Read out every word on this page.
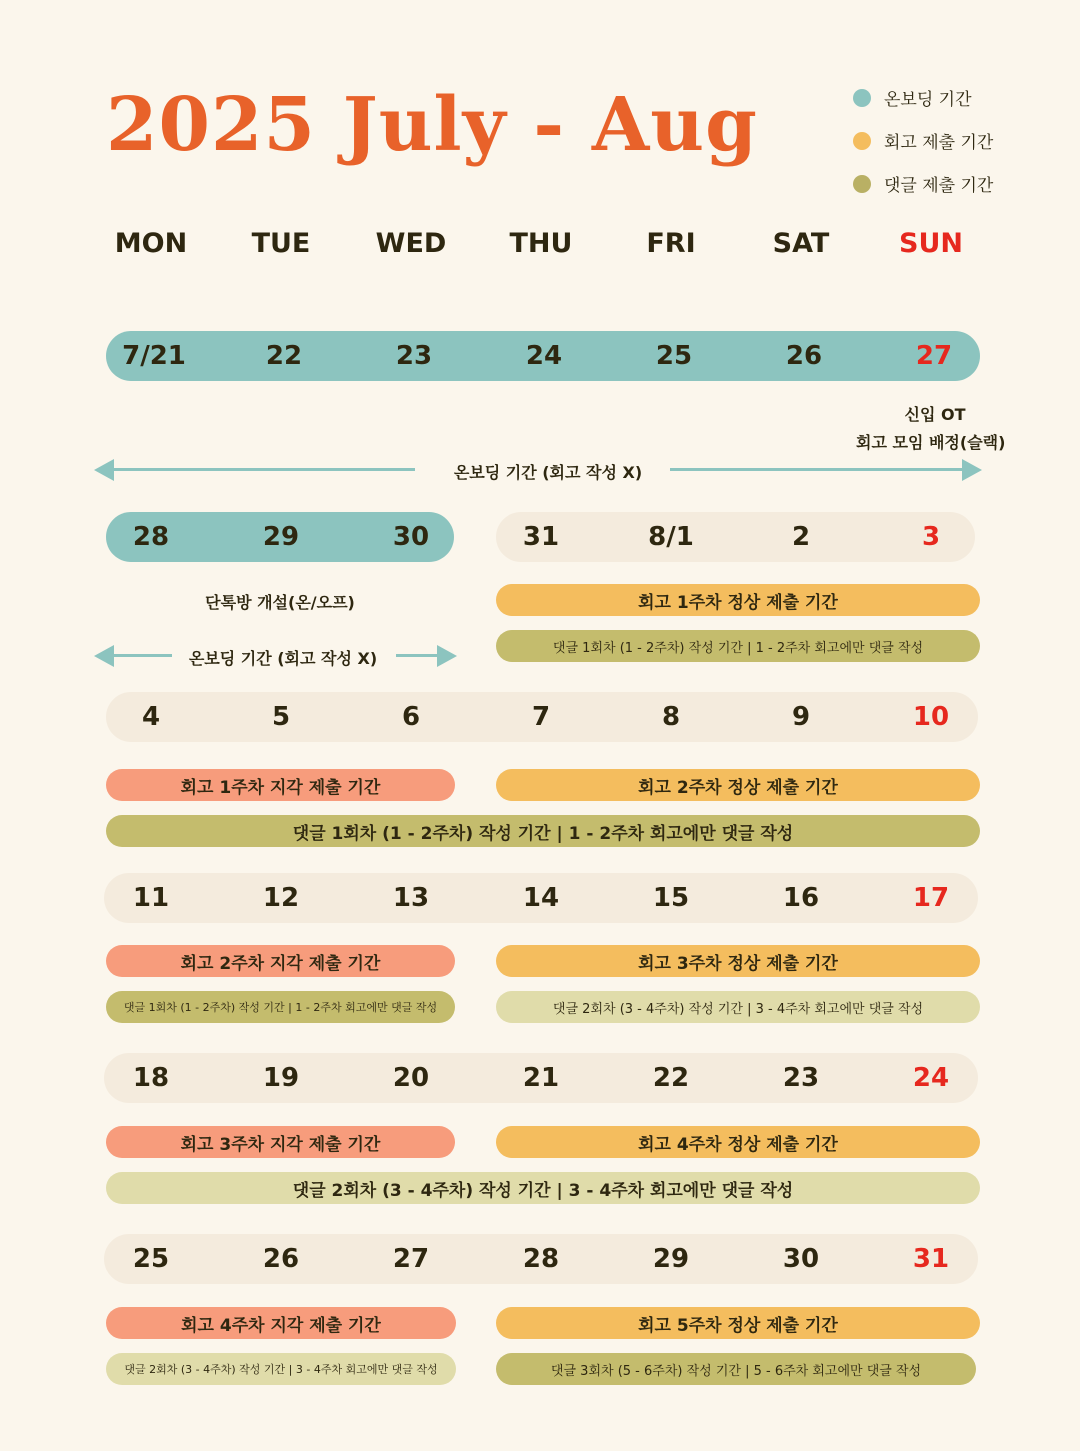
2025 July - Aug	온보딩 기간
회고 제출 기간
댓글 제출 기간
MON	TUE	WED	THU	FRI	SAT	SUN
7/21	22	23	24	25	26	27
신입 OT
회고 모임 배정(슬랙)
온보딩 기간 (회고 작성 X)
28	29	30	31	8/1	2	3
단톡방 개설(온/오프)	회고 1주차 정상 제출 기간
온보딩 기간 (회고 작성 X)
댓글 1회차 (1 - 2주차) 작성 기간 | 1 - 2주차 회고에만 댓글 작성
4	5	6	7	8	9	10
회고 1주차 지각 제출 기간	회고 2주차 정상 제출 기간
댓글 1회차 (1 - 2주차) 작성 기간 | 1 - 2주차 회고에만 댓글 작성
11	12	13	14	15	16	17
회고 2주차 지각 제출 기간	회고 3주차 정상 제출 기간
댓글 1회차 (1 - 2주차) 작성 기간 | 1 - 2주차 회고에만 댓글 작성	댓글 2회차 (3 - 4주차) 작성 기간 | 3 - 4주차 회고에만 댓글 작성
18	19	20	21	22	23	24
회고 3주차 지각 제출 기간	회고 4주차 정상 제출 기간
댓글 2회차 (3 - 4주차) 작성 기간 | 3 - 4주차 회고에만 댓글 작성
25	26	27	28	29	30	31
회고 4주차 지각 제출 기간	회고 5주차 정상 제출 기간
댓글 2회차 (3 - 4주차) 작성 기간 | 3 - 4주차 회고에만 댓글 작성	댓글 3회차 (5 - 6주차) 작성 기간 | 5 - 6주차 회고에만 댓글 작성
